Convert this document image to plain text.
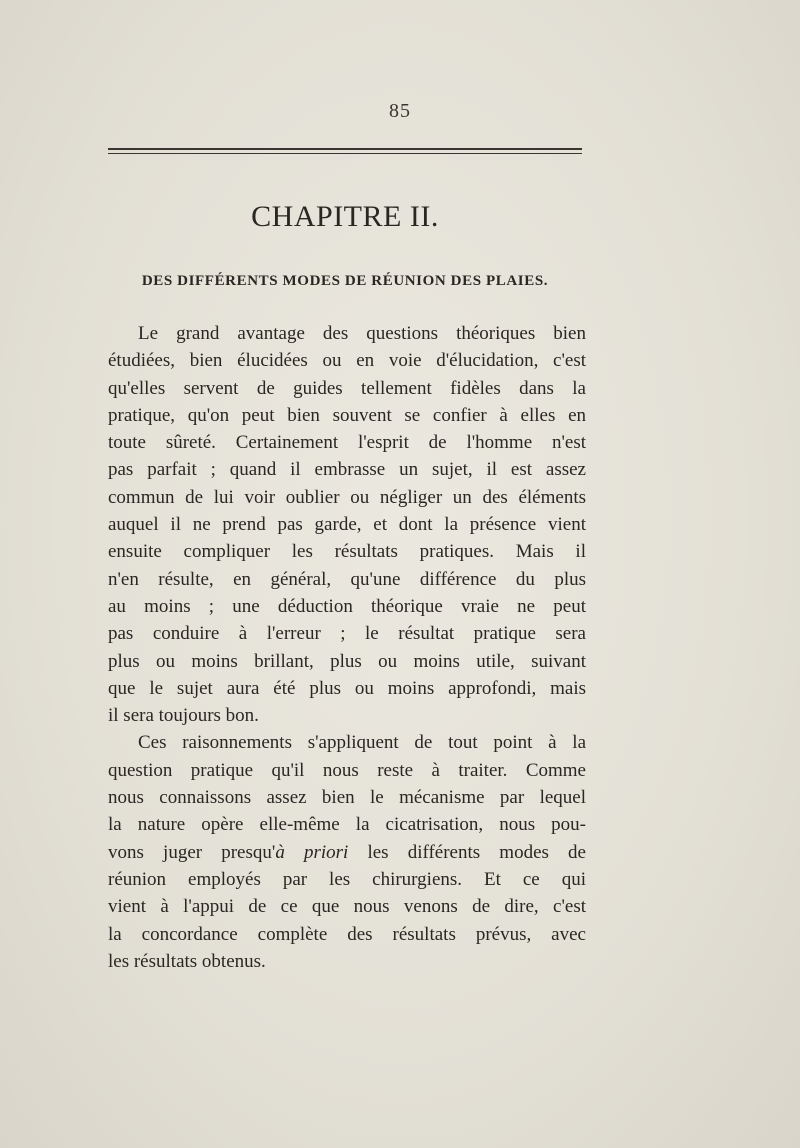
85
CHAPITRE II.
DES DIFFÉRENTS MODES DE RÉUNION DES PLAIES.
Le grand avantage des questions théoriques bien
étudiées, bien élucidées ou en voie d'élucidation, c'est
qu'elles servent de guides tellement fidèles dans la
pratique, qu'on peut bien souvent se confier à elles en
toute sûreté. Certainement l'esprit de l'homme n'est
pas parfait ; quand il embrasse un sujet, il est assez
commun de lui voir oublier ou négliger un des éléments
auquel il ne prend pas garde, et dont la présence vient
ensuite compliquer les résultats pratiques. Mais il
n'en résulte, en général, qu'une différence du plus
au moins ; une déduction théorique vraie ne peut
pas conduire à l'erreur ; le résultat pratique sera
plus ou moins brillant, plus ou moins utile, suivant
que le sujet aura été plus ou moins approfondi, mais
il sera toujours bon.
Ces raisonnements s'appliquent de tout point à la
question pratique qu'il nous reste à traiter. Comme
nous connaissons assez bien le mécanisme par lequel
la nature opère elle-même la cicatrisation, nous pou-
vons juger presqu'à priori les différents modes de
réunion employés par les chirurgiens. Et ce qui
vient à l'appui de ce que nous venons de dire, c'est
la concordance complète des résultats prévus, avec
les résultats obtenus.
